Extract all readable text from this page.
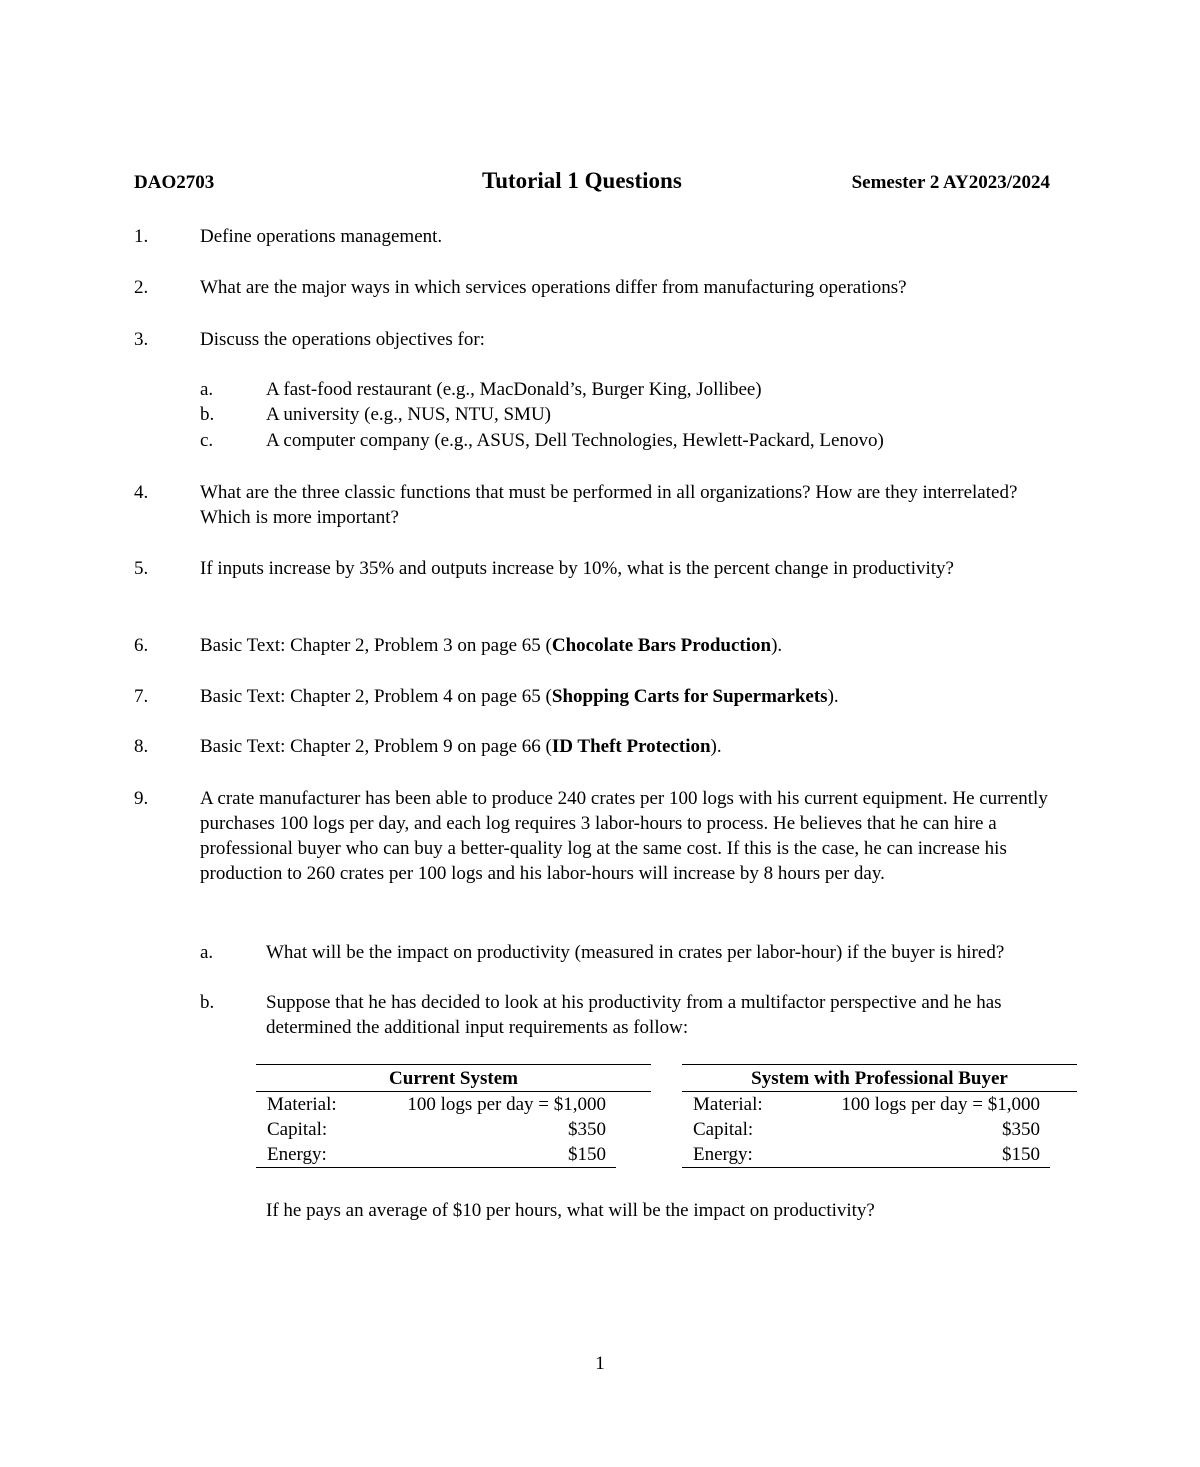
DAO2703	Tutorial 1 Questions	Semester 2 AY2023/2024
1.	Define operations management.
2.	What are the major ways in which services operations differ from manufacturing operations?
3.	Discuss the operations objectives for:
a.	A fast-food restaurant (e.g., MacDonald’s, Burger King, Jollibee)
b.	A university (e.g., NUS, NTU, SMU)
c.	A computer company (e.g., ASUS, Dell Technologies, Hewlett-Packard, Lenovo)
4.	What are the three classic functions that must be performed in all organizations? How are they interrelated? Which is more important?
5.	If inputs increase by 35% and outputs increase by 10%, what is the percent change in productivity?
6.	Basic Text: Chapter 2, Problem 3 on page 65 (Chocolate Bars Production).
7.	Basic Text: Chapter 2, Problem 4 on page 65 (Shopping Carts for Supermarkets).
8.	Basic Text: Chapter 2, Problem 9 on page 66 (ID Theft Protection).
9.	A crate manufacturer has been able to produce 240 crates per 100 logs with his current equipment. He currently purchases 100 logs per day, and each log requires 3 labor-hours to process. He believes that he can hire a professional buyer who can buy a better-quality log at the same cost. If this is the case, he can increase his production to 260 crates per 100 logs and his labor-hours will increase by 8 hours per day.
a.	What will be the impact on productivity (measured in crates per labor-hour) if the buyer is hired?
b.	Suppose that he has decided to look at his productivity from a multifactor perspective and he has determined the additional input requirements as follow:
Current System
Material:	100 logs per day = $1,000
Capital:	$350
Energy:	$150
System with Professional Buyer
Material:	100 logs per day = $1,000
Capital:	$350
Energy:	$150
If he pays an average of $10 per hours, what will be the impact on productivity?
1
